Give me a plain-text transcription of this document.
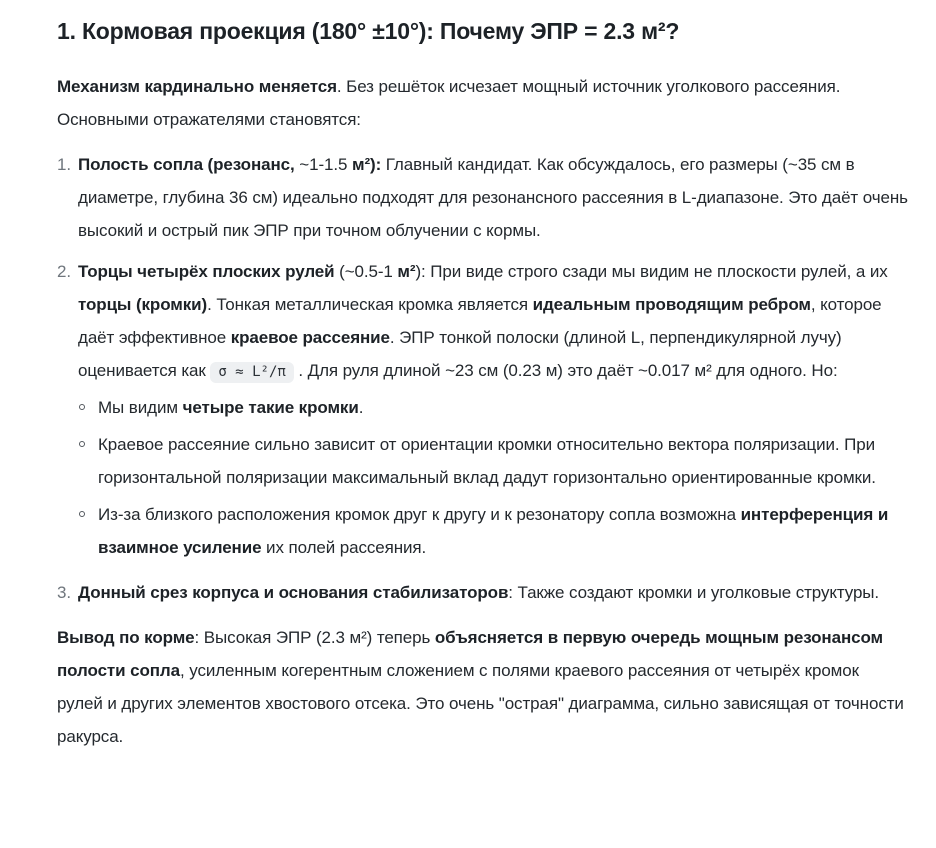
1. Кормовая проекция (180° ±10°): Почему ЭПР = 2.3 м²?

Механизм кардинально меняется. Без решёток исчезает мощный источник уголкового рассеяния. Основными отражателями становятся:

1. Полость сопла (резонанс, ~1-1.5 м²): Главный кандидат. Как обсуждалось, его размеры (~35 см в диаметре, глубина 36 см) идеально подходят для резонансного рассеяния в L-диапазоне. Это даёт очень высокий и острый пик ЭПР при точном облучении с кормы.
2. Торцы четырёх плоских рулей (~0.5-1 м²): При виде строго сзади мы видим не плоскости рулей, а их торцы (кромки). Тонкая металлическая кромка является идеальным проводящим ребром, которое даёт эффективное краевое рассеяние. ЭПР тонкой полоски (длиной L, перпендикулярной лучу) оценивается как σ ≈ L²/π . Для руля длиной ~23 см (0.23 м) это даёт ~0.017 м² для одного. Но:
Мы видим четыре такие кромки.
Краевое рассеяние сильно зависит от ориентации кромки относительно вектора поляризации. При горизонтальной поляризации максимальный вклад дадут горизонтально ориентированные кромки.
Из-за близкого расположения кромок друг к другу и к резонатору сопла возможна интерференция и взаимное усиление их полей рассеяния.
3. Донный срез корпуса и основания стабилизаторов: Также создают кромки и уголковые структуры.

Вывод по корме: Высокая ЭПР (2.3 м²) теперь объясняется в первую очередь мощным резонансом полости сопла, усиленным когерентным сложением с полями краевого рассеяния от четырёх кромок рулей и других элементов хвостового отсека. Это очень "острая" диаграмма, сильно зависящая от точности ракурса.
